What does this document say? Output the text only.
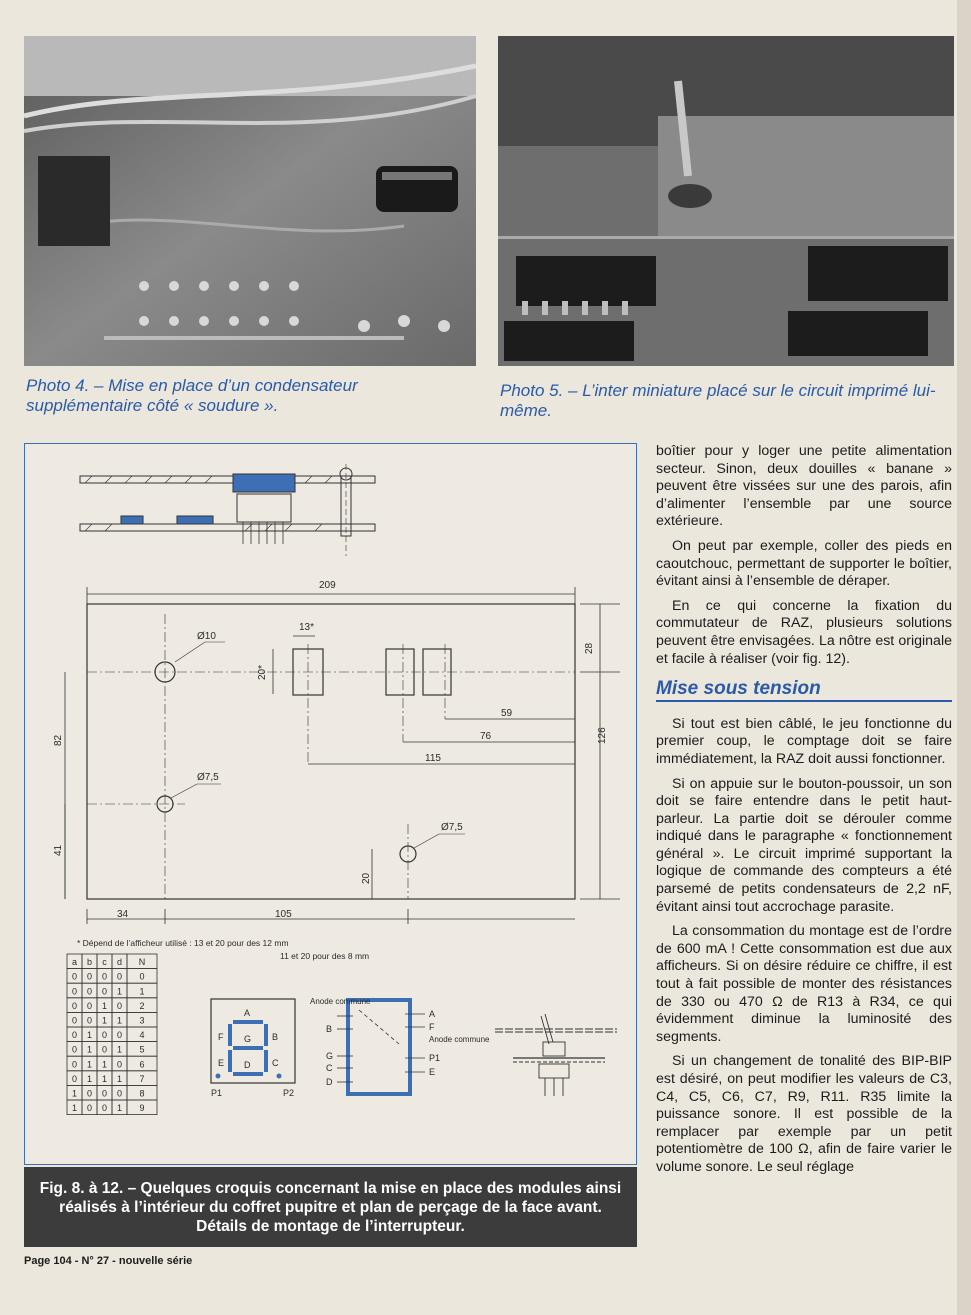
Photo 4. – Mise en place d’un condensateur supplémentaire côté « soudure ».
Photo 5. – L’inter miniature placé sur le circuit imprimé lui-même.
209
13*
20*
28
59
76
115
82	126
41
20
34	105
Ø10
Ø7,5
Ø7,5
* Dépend de l’afficheur utilisé : 13 et 20 pour des 12 mm
11 et 20 pour des 8 mm
a b c d N
0 0 0 0 0
0 0 0 1 1
0 0 1 0 2
0 0 1 1 3
0 1 0 0 4
0 1 0 1 5
0 1 1 0 6
0 1 1 1 7
1 0 0 0 8
1 0 0 1 9
A
F	B
G
E	C
D
P1	P2
Anode commune
B
G
C
D
A
F
Anode commune
P1
E
Fig. 8. à 12. – Quelques croquis concernant la mise en place des modules ainsi réalisés à l’intérieur du coffret pupitre et plan de perçage de la face avant. Détails de montage de l’interrupteur.
Page 104 - N° 27 - nouvelle série

boîtier pour y loger une petite alimentation secteur. Sinon, deux douilles « banane » peuvent être vissées sur une des parois, afin d’alimenter l’ensemble par une source extérieure.

On peut par exemple, coller des pieds en caoutchouc, permettant de supporter le boîtier, évitant ainsi à l’ensemble de déraper.

En ce qui concerne la fixation du commutateur de RAZ, plusieurs solutions peuvent être envisagées. La nôtre est originale et facile à réaliser (voir fig. 12).

Mise sous tension

Si tout est bien câblé, le jeu fonctionne du premier coup, le comptage doit se faire immédiatement, la RAZ doit aussi fonctionner.

Si on appuie sur le bouton-poussoir, un son doit se faire entendre dans le petit haut-parleur. La partie doit se dérouler comme indiqué dans le paragraphe « fonctionnement général ». Le circuit imprimé supportant la logique de commande des compteurs a été parsemé de petits condensateurs de 2,2 nF, évitant ainsi tout accrochage parasite.

La consommation du montage est de l’ordre de 600 mA ! Cette consommation est due aux afficheurs. Si on désire réduire ce chiffre, il est tout à fait possible de monter des résistances de 330 ou 470 Ω de R13 à R34, ce qui évidemment diminue la luminosité des segments.

Si un changement de tonalité des BIP-BIP est désiré, on peut modifier les valeurs de C3, C4, C5, C6, C7, R9, R11. R35 limite la puissance sonore. Il est possible de la remplacer par exemple par un petit potentiomètre de 100 Ω, afin de faire varier le volume sonore. Le seul réglage
